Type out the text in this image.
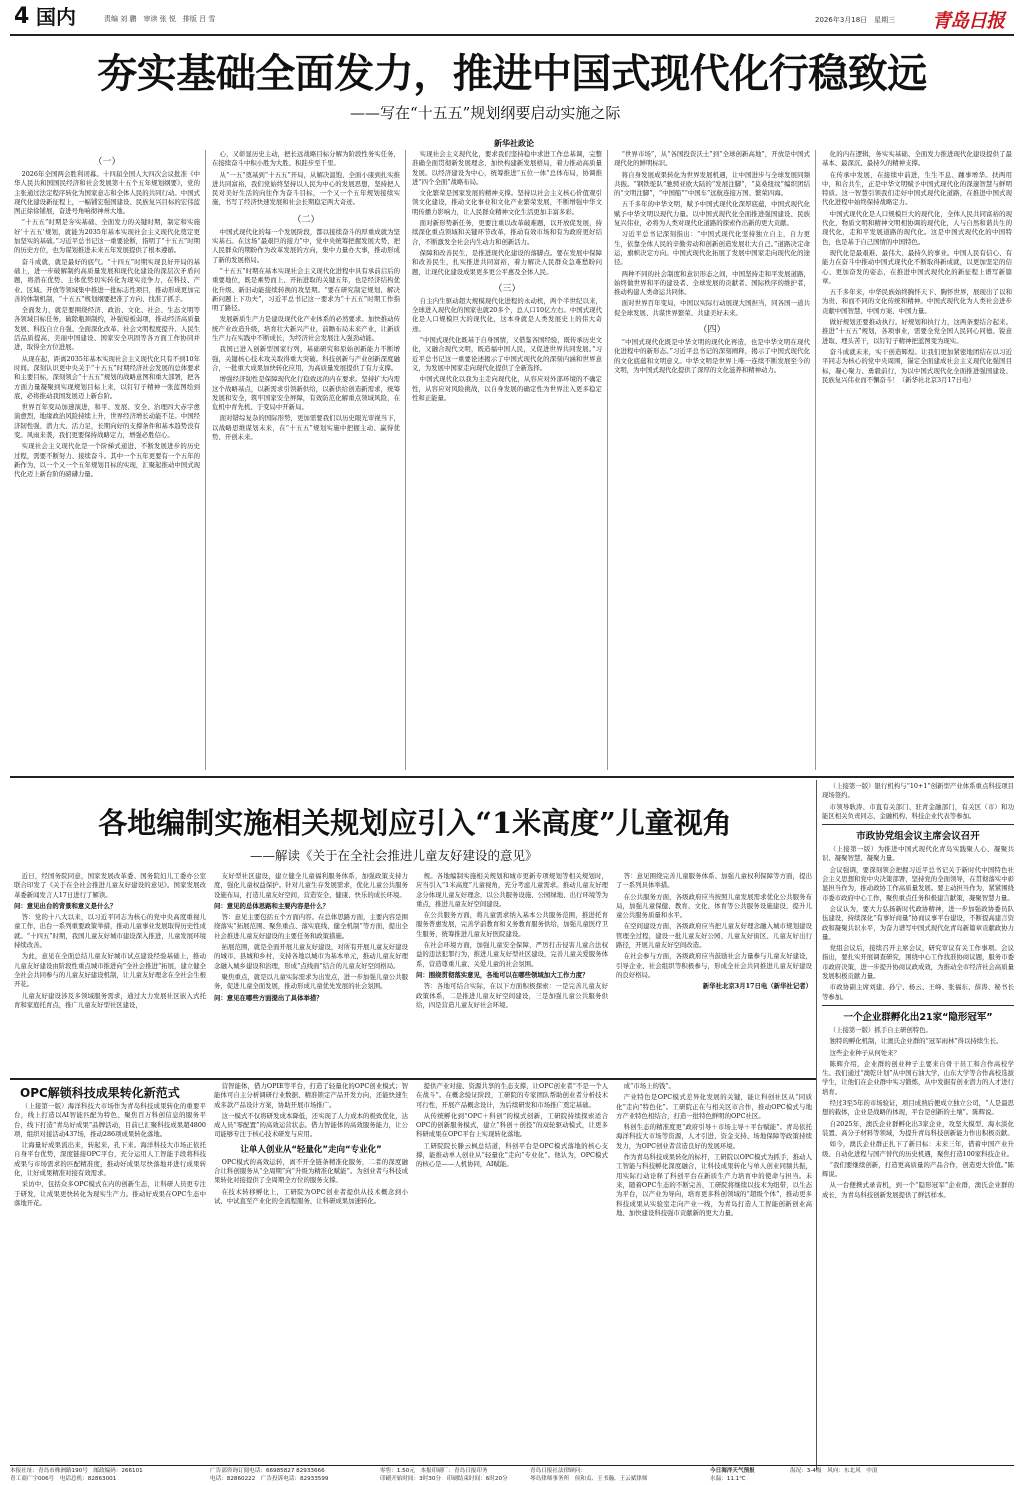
4 国内	责编 刘 鹏　审读 张 悦　排版 吕 雪	2026年3月18日　星期三 青岛日报
夯实基础全面发力，推进中国式现代化行稳致远
——写在“十五五”规划纲要启动实施之际
新华社政论
（一）

2026年全国两会胜利闭幕。十四届全国人大四次会议批准《中华人民共和国国民经济和社会发展第十五个五年规划纲要》，党的主张通过法定程序转化为国家意志和全体人民的共同行动。中国式现代化建设新征程上，一幅铺宏强国建设、民族复兴目标的宏伟蓝图正徐徐铺展，奋进号角响彻神州大地。

“十五五”时期是夯实基础、全面发力的关键时期，制定和实施好‘十五五’规划，就能为2035年基本实现社会主义现代化奠定更加坚实的基础。”习近平总书记这一重要论断，指明了“十五五”时期的历史方位，也为谋划推进未来五年发展提供了根本遵循。

奋斗成就，就是最好的底气。“十四五”时期实现良好开局的基础上，进一步破解制约高质量发展和现代化建设的深层次矛盾问题，将潜在优势、主体优势切实转化为现实竞争力，在科技、产业、区域、开放等领域集中推进一批标志性项目，推动形成更加完善的体制机制，“十五五”规划纲要把准了方向、找准了抓手。

全面发力，就是要围绕经济、政治、文化、社会、生态文明等各领域目标任务，破除瓶颈制约，补强短板弱项，推动经济高质量发展、科技自立自强、全面深化改革、社会文明程度提升、人民生活品质提高、美丽中国建设、国家安全巩固等各方面工作协同并进，取得全方位进展。

从现在起，距离2035年基本实现社会主义现代化只有不到10年时间。深刻认识更中央关于“十五五”时期经济社会发展的总体要求和主要目标，深刻领会“十五五”规划的战略意图和重大部署，把各方面力量凝聚到实现规划目标上来，以钉钉子精神一张蓝图绘到底，必将推动我国发展迈上新台阶。

世界百年变局加速演进，和平、发展、安全、治理四大赤字愈演愈烈，地缘政治风险持续上升，世界经济增长动能不足。中国经济韧性强、潜力大、活力足，长期向好的支撑条件和基本趋势没有变。风雨来袭，我们更要保持战略定力，增强必胜信心。

实现社会主义现代化是一个阶梯式递进、不断发展进步的历史过程，需要不断努力、接续奋斗。其中一个五年更要有一个五年的新作为，以一个又一个五年规划目标的实现，汇聚起推动中国式现代化迈上新台阶的磅礴力量。

心，又彰显历史主动，把长远战略目标分解为阶段性务实任务，在接续奋斗中积小胜为大胜、积跬步至千里。

从“一五”奠基到“十五五”开局，从解决温饱、全面小康到扎实推进共同富裕，我们党始终坚持以人民为中心的发展思想，坚持把人民对美好生活的向往作为奋斗目标，一个又一个五年规划接续实施，书写了经济快速发展和社会长期稳定两大奇迹。

（二）

中国式现代化的每一个发展阶段，都以接续奋斗的厚重成就为坚实基石。在这场“最艰巨的接力”中，党中央统筹把握发展大势，把人民群众的期盼作为改革发展的方向，集中力量办大事，推动形成了新的发展格局。

“十五五”时期在基本实现社会主义现代化进程中具有承前启后的重要地位，既是乘势而上、开拓进取的关键五年，也是经济结构优化升级、新旧动能接续转换的攻坚期。“要在研究制定规划、解决新问题上下功夫”，习近平总书记这一要求为“十五五”时期工作指明了路径。

发展新质生产力是建设现代化产业体系的必然要求。加快推动传统产业改造升级，培育壮大新兴产业，前瞻布局未来产业，让新质生产力在实践中不断成长，为经济社会发展注入强劲动能。

我国已进入创新型国家行列，基础研究和原始创新能力不断增强，关键核心技术攻关取得重大突破。科技创新与产业创新深度融合，一批重大成果加快转化应用，为高质量发展提供了有力支撑。

增强经济韧性是保障现代化行稳致远的内在要求。坚持扩大内需这个战略基点，以新需求引领新供给，以新供给创造新需求，统筹发展和安全，筑牢国家安全屏障，有效防范化解重点领域风险，在危机中育先机、于变局中开新局。

面对错综复杂的国际形势，更加需要我们以历史眼光审视当下，以战略思维谋划未来，在“十五五”规划实施中把握主动、赢得优势、开创未来。

实现社会主义现代化，要求我们坚持稳中求进工作总基调，完整准确全面贯彻新发展理念，加快构建新发展格局，着力推动高质量发展。以经济建设为中心，统筹推进“五位一体”总体布局，协调推进“四个全面”战略布局。

文化繁荣是国家发展的精神支撑。坚持以社会主义核心价值观引领文化建设，推动文化事业和文化产业繁荣发展，不断增强中华文明传播力影响力，让人民群众精神文化生活更加丰富多彩。

面对新形势新任务，更要注重以改革破难题，以开放促发展，持续深化重点领域和关键环节改革，推动有效市场和有为政府更好结合，不断激发全社会内生动力和创新活力。

保障和改善民生，是推进现代化建设的落脚点。要在发展中保障和改善民生，扎实推进共同富裕，着力解决人民群众急难愁盼问题，让现代化建设成果更多更公平惠及全体人民。

（三）

自主内生驱动超大规模现代化进程的永动机，两个半世纪以来，全球进入现代化的国家也就20多个，总人口10亿左右。中国式现代化是人口规模巨大的现代化，这本身就是人类发展史上的伟大奇迹。

“中国式现代化既基于自身国情，又借鉴各国经验，既传承历史文化，又融合现代文明，既造福中国人民，又促进世界共同发展。”习近平总书记这一重要论述揭示了中国式现代化的深刻内涵和世界意义，为发展中国家走向现代化提供了全新选择。

中国式现代化以我为主走向现代化，从容应对外部环境的不确定性，从容应对风险挑战，以自身发展的确定性为世界注入更多稳定性和正能量。

“世界市场”，从“各国投资沃土”到“全球创新高地”，开放是中国式现代化的鲜明标识。

将自身发展成果转化为世界发展机遇，让中国进步与全球发展同频共振。“钢铁驼队”驰骋亚欧大陆的“发展注脚”，“莫桑纽纹”编织团结的“文明注脚”，“中国船”“中国车”远航连接万国、繁荣四海。

五千多年的中华文明，赋予中国式现代化深厚底蕴，中国式现代化赋予中华文明以现代力量。以中国式现代化全面推进强国建设、民族复兴伟业，必将为人类对现代化道路的探索作出新的更大贡献。

习近平总书记深刻指出：“中国式现代化坚持独立自主，自力更生，依靠全体人民的辛勤劳动和创新创造发展壮大自己。”道路决定命运，旗帜决定方向。中国式现代化拓展了发展中国家走向现代化的途径。

两种不同的社会制度和意识形态之间，中国坚持走和平发展道路，始终做世界和平的建设者、全球发展的贡献者、国际秩序的维护者，推动构建人类命运共同体。

面对世界百年变局，中国以实际行动展现大国担当，同各国一道共促全球发展、共谋世界繁荣、共建美好未来。

（四）

“中国式现代化既是中华文明的现代化再造，也是中华文明在现代化进程中的新形态。”习近平总书记的深刻阐释，揭示了中国式现代化的文化底蕴和文明意义。中华文明是世界上唯一连续不断发展至今的文明，为中国式现代化提供了深厚的文化滋养和精神动力。

化的内在逻辑，务实实基础、全面发力推进现代化建设提供了最基本、最深沉、最持久的精神支撑。

在传承中发展，在接续中前进，生生不息、踵事增华。扶两用中，和合共生，正是中华文明赋予中国式现代化的深邃智慧与鲜明特质。这一智慧引领我们走好中国式现代化道路，在推进中国式现代化进程中始终保持战略定力。

中国式现代化是人口规模巨大的现代化，全体人民共同富裕的现代化，物质文明和精神文明相协调的现代化，人与自然和谐共生的现代化，走和平发展道路的现代化。这是中国式现代化的中国特色，也是基于自己国情的中国特色。

现代化是最艰难、最伟大、最持久的事业。中国人民有信心、有能力在奋斗中推动中国式现代化不断取得新成就，以更加坚定的信心、更加奋发的姿态，在推进中国式现代化的新征程上谱写新篇章。

五千多年来，中华民族始终胸怀天下、胸怀世界，展现出了以和为贵、和而不同的文化传统和精神。中国式现代化为人类社会进步贡献中国智慧、中国方案、中国力量。

做好规划还要推动执行。好规划和执行力，这两条要结合起来。推进“十五五”规划，各项事业，需要全党全国人民同心同德、锐意进取、埋头苦干，以钉钉子精神把蓝图变为现实。

奋斗成就未来，实干创造辉煌。让我们更加紧密地团结在以习近平同志为核心的党中央周围，锚定全面建成社会主义现代化强国目标，凝心聚力、勇毅前行，为以中国式现代化全面推进强国建设、民族复兴伟业而不懈奋斗！（新华社北京3月17日电）

各地编制实施相关规划应引入“1米高度”儿童视角
——解读《关于在全社会推进儿童友好建设的意见》

近日，经国务院同意，国家发展改革委、国务院妇儿工委办公室联合印发了《关于在全社会推进儿童友好建设的意见》。国家发展改革委新闻发言人17日进行了解读。

问：意见出台的背景和意义是什么？

答：党的十八大以来，以习近平同志为核心的党中央高度重视儿童工作，出台一系列重要政策举措，推动儿童事业发展取得历史性成就。“十四五”时期，我国儿童友好城市建设深入推进，儿童发展环境持续改善。

为此，意见在全面总结儿童友好城市试点建设经验基础上，推动儿童友好建设由阶段性重点城市推进向“全社会推进”拓展，建立健全全社会共同参与的儿童友好建设机制，让儿童友好理念在全社会生根开花。

儿童友好建设涉及多领域服务需求，通过大力发展社区嵌入式托育和家庭托育点，推广儿童友好型社区建设，

友好型社区建设，建立健全儿童福利服务体系，加强政策支持力度，强化儿童权益保护。针对儿童生存发展需求，优化儿童公共服务设施布局，打造儿童友好空间，营造安全、健康、快乐的成长环境。

问：意见的总体思路和主要内容是什么？

答：意见主要包括五个方面内容。在总体思路方面，主要内容是围绕落实“拓展范围、聚焦重点、落实底线、健全机制”等方面，提出全社会推进儿童友好建设的主要任务和政策措施。

拓展范围，就是全面开展儿童友好建设，对所有开展儿童友好建设的城市、县城和乡村，支持各地以城市为基本单元，推动儿童友好理念融入城乡建设和治理，形成“点线面”结合的儿童友好空间格局。

聚焦重点，就是以儿童实际需求为出发点，进一步加强儿童公共服务，促进儿童全面发展，推动形成儿童优先发展的社会氛围。

问：意见在哪些方面提出了具体举措？

规。各地编制实施相关规划和城市更新专项规划等相关规划时，应当引入“1米高度”儿童视角，充分考虑儿童需求。推动儿童友好理念分体现儿童友好理念，以公共服务设施、公园绿地、出行环境等为重点，推进儿童友好空间建设。

在公共服务方面，将儿童需求纳入基本公共服务范围，推进托育服务普惠发展，完善学前教育和义务教育服务供给，加强儿童医疗卫生服务，统筹推进儿童友好医院建设。

在社会环境方面，加强儿童安全保障，严厉打击侵害儿童合法权益的违法犯罪行为，推进儿童友好型社区建设，完善儿童关爱服务体系，营造尊重儿童、关爱儿童的社会氛围。

问：围绕贯彻落实意见，各地可以在哪些领域加大工作力度？

答：各地可结合实际，在以下方面积极探索：一是完善儿童友好政策体系，二是推进儿童友好空间建设，三是加强儿童公共服务供给，四是营造儿童友好社会环境。

答：意见围绕完善儿童服务体系、加强儿童权利保障等方面，提出了一系列具体举措。

在公共服务方面，各级政府应当按照儿童发展需求优化公共服务布局，加强儿童保健、教育、文化、体育等公共服务设施建设，提升儿童公共服务质量和水平。

在空间建设方面，各级政府应当把儿童友好理念融入城市规划建设管理全过程，建设一批儿童友好公园、儿童友好街区、儿童友好出行路径，开展儿童友好空间改造。

在社会参与方面，各级政府应当鼓励社会力量参与儿童友好建设，引导企业、社会组织等积极参与，形成全社会共同推进儿童友好建设的良好格局。

新华社北京3月17日电（新华社记者）

（上接第一版）银行机构与“10+1”创新型产业体系重点科技项目现场签约。

市领导耿涛、市直有关部门、驻青金融部门，有关区（市）和功能区相关负责同志，金融机构、科技企业代表等参加。

市政协党组会议主席会议召开

（上接第一版）为推进中国式现代化青岛实践聚人心、凝聚共识、凝聚智慧、凝聚力量。

会议强调，要深刻领会把握习近平总书记关于新时代中国特色社会主义思想和党中央决策部署，坚持党的全面领导，在贯彻落实中彰显担当作为，推动政协工作高质量发展。要主动担当作为，紧紧围绕市委市政府中心工作，聚焦重点任务积极建言献策，凝聚智慧力量。

会议认为，要大力弘扬新时代政协精神，进一步加强政协委员队伍建设，持续深化“有事好商量”协商议事平台建设，不断提高建言资政和凝聚共识水平，为奋力谱写中国式现代化青岛新篇章贡献政协力量。

党组会议后，接续召开主席会议，研究审议有关工作事项。会议指出，要扎实开展调查研究，围绕中心工作找准协商议题，服务市委市政府决策，进一步提升协商议政成效，为推动全市经济社会高质量发展积极贡献力量。

市政协副主席刘建、孙宁、杨云、王峰、张福东、薛涛、秘书长等参加。

一个企业群孵化出21家“隐形冠军”

（上接第一版）抓手自主研创特色。

独特的孵化机制，让澳氏企业群的“冠军雨林”得以持续生长。

这些企业种子从何处来？

陈辉介绍，企业群的创业种子主要来自骨干员工和合作高校学生。我们通过“澳乾计划”从中国石油大学、山东大学等合作高校选拔学生，让他们在企业群中实习锻炼，从中发掘有创业潜力的人才进行培育。

经过3至5年的市场验证，项目成熟后便成立独立公司，“人是最思想的载体，企业是战略的体现，平台是创新的土壤”。陈辉说。

自2025年，澳氏企业群孵化出3家企业，攻坚大模型、海水淡化装置、高分子材料等领域，为提升青岛科技创新能力作出积极贡献。

如今，澳氏企业群正扎下了新目标：未来三年，借着中国产业升级、自动化进程与国产替代的历史机遇，聚焦打造100家科技企业。

“我们要继续创新，打造更高质量的产品合作，创造更大价值。”陈辉说。

从一台便携式录音机，到一个“隐形冠军”企业群，澳氏企业群的成长，为青岛科技创新发展提供了鲜活样本。

OPC解锁科技成果转化新范式

（上接第一版）海洋科技大市场作为青岛科技成果转化的重要平台，线上打造以AI智能匹配为特色、聚焦百万科创信息的服务平台，线下打造“青岛好成果”品牌活动，目前已汇聚科技成果超4800项，组织对接活动437场，推动286项成果转化落地。

让海量好成果流出来，转起来，孔下来。海洋科技大市场正依托自身平台优势，深度链接OPC平台，充分运用人工智能手段将科技成果与市场需求的匹配精准度，推动好成果尽快落地并进行成果转化，让好成果精准对接有效需求。

采访中，包括众多OPC模式在内的创新生态，让科研人员更专注于研发，让成果更快转化为现实生产力。推动好成果在OPC生态中落地开花。

营智能体，借力OPIE等平台，打造了轻量化的OPC创业模式；智能体可自主分析调研行业数据、精准锁定产品开发方向，还能快速生成多款产品设计方案，协助开展市场推广。

这一模式不仅将研发成本降低，还实现了人力成本的极致优化，达成人员“零配置”的高效运营状态。借力智能体的高效服务能力，让公司能够专注于核心技术研发与应用。

让单人创业从“轻量化”走向“专业化”

OPC模式的高效运转，离不开全链条精准化服务，二者的深度融合让科创服务从“全周期”向“升级为精准化赋能”。为创业者与科技成果转化对接提供了全周期全方位的服务支撑。

在技术转移孵化上，工研院为OPC创业者提供从技术概念到小试、中试直至产业化的全流程服务，让科研成果加速转化。

提供产业对接、资源共享的生态支撑，让OPC创业者“不是一个人在战斗”。在概念验证阶段，工研院的专家团队帮助创业者分析技术可行性，开展产品概念设计，为后续研发和市场推广奠定基础。

从传统孵化到“OPC＋科创”的模式创新，工研院持续探索适合OPC的创新服务模式，建立“科创＋创投”的双轮驱动模式，让更多科研成果在OPC平台上实现转化落地。

工研院院长滕云枫总结道，科创平台是OPC模式落地的核心支撑，能推动单人创业从“轻量化”走向“专业化”。他认为，OPC模式的核心是——人机协同，AI赋能。

成“市场上的钱”。

产业特色是OPC模式差异化发展的关键，能让科创社区从“同质化”走向“特色化”。工研院正在与相关区市合作，推动OPC模式与地方产业特色相结合，打造一批特色鲜明的OPC社区。

科创生态的精准度更“政府引导＋市场主导＋平台赋能”。青岛依托海洋科技大市场等资源，人才引进、资金支持、场地保障等政策持续发力，为OPC创业者营造良好的发展环境。

作为青岛科技成果转化的标杆，工研院以OPC模式为抓手，推动人工智能与科技孵化深度融合，让科技成果转化与单人创业同频共振，用实际行动诠释了科创平台在新质生产力培育中的使命与担当。未来，随着OPC生态的不断完善，工研院将继续以技术为纽带，以生态为平台，以产业为导向，培育更多科创领域的“超级个体”，推动更多科技成果从实验室走向产业一线，为青岛打造人工智能创新创业高地、加快建设科技强市贡献新的更大力量。

本报社址：青岛市株洲路190号　邮政编码：266101
青工商广字006号　电话总机：82863001
广告部咨询订阅电话：66985827 82933666
电话：82860222　广告投诉电话：82933599
零售：1.50元　本报印刷厂：青岛日报印务
印刷开始时间：3时30分　印刷结束时间：6时20分
青岛日报社法律顾问：
琴岛律师事务所　侯和贞、王书瀚、王云斌律师
今日海洋天气预报	海况：3-4级　风向：东北风　中浪
水温：11.1℃
